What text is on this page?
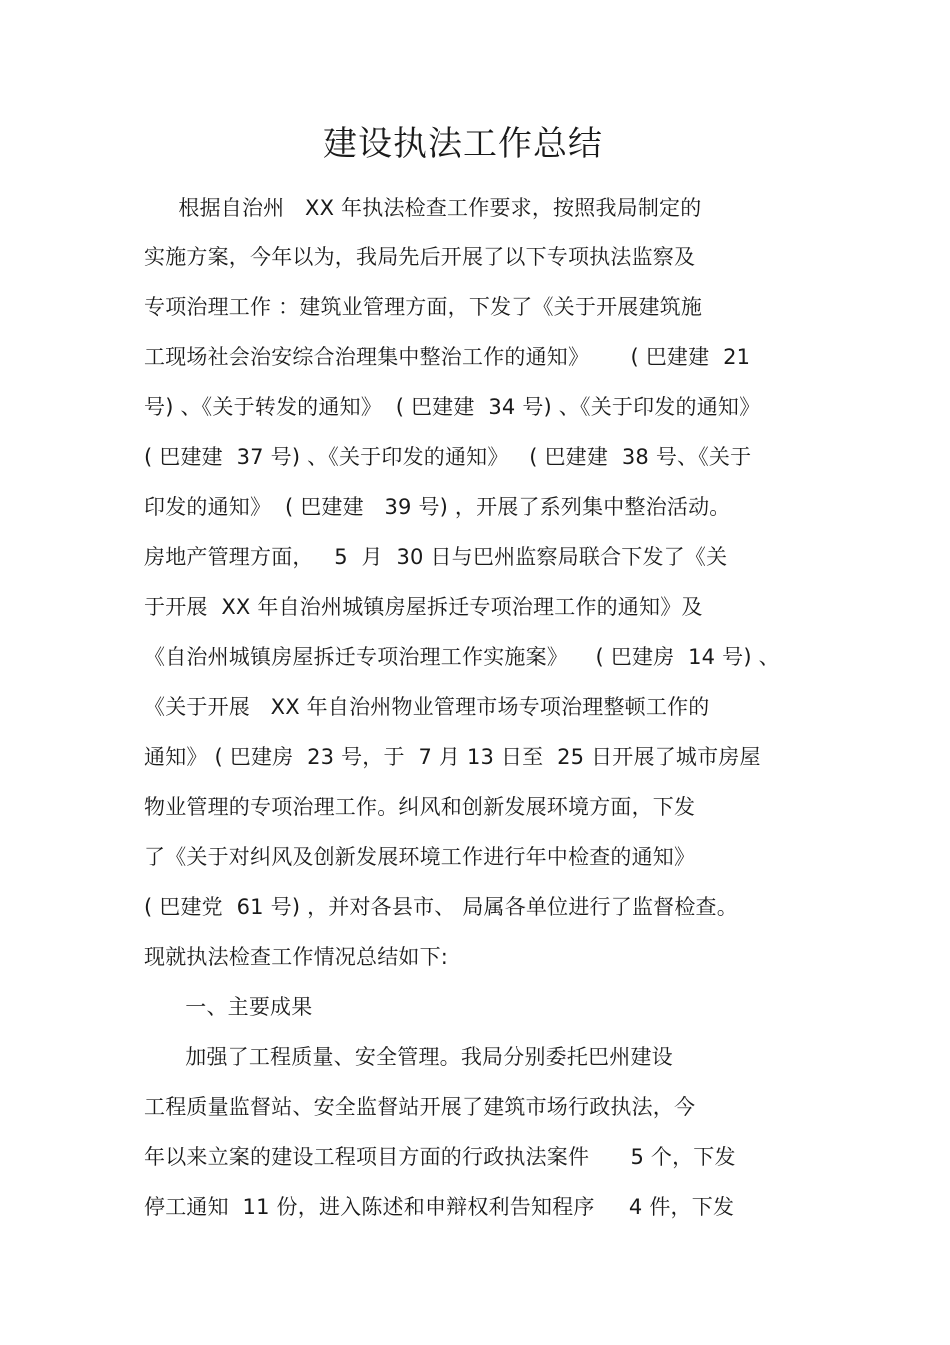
建设执法工作总结
根据自治州   XX 年执法检查工作要求，按照我局制定的
实施方案，今年以为，我局先后开展了以下专项执法监察及
专项治理工作 ：建筑业管理方面，下发了《关于开展建筑施
工现场社会治安综合治理集中整治工作的通知》      ( 巴建建  21
号) 、《关于转发的通知》  ( 巴建建  34 号) 、《关于印发的通知》
( 巴建建  37 号) 、《关于印发的通知》   ( 巴建建  38 号、《关于
印发的通知》  ( 巴建建   39 号) ，开展了系列集中整治活动。
房地产管理方面，   5  月  30 日与巴州监察局联合下发了《关
于开展  XX 年自治州城镇房屋拆迁专项治理工作的通知》及
《自治州城镇房屋拆迁专项治理工作实施案》    ( 巴建房  14 号) 、
《关于开展   XX 年自治州物业管理市场专项治理整顿工作的
通知》 ( 巴建房  23 号，于  7 月 13 日至  25 日开展了城市房屋
物业管理的专项治理工作。纠风和创新发展环境方面，下发
了《关于对纠风及创新发展环境工作进行年中检查的通知》
( 巴建党  61 号) ，并对各县市、 局属各单位进行了监督检查。
现就执法检查工作情况总结如下:
一、主要成果
加强了工程质量、安全管理。我局分别委托巴州建设
工程质量监督站、安全监督站开展了建筑市场行政执法，今
年以来立案的建设工程项目方面的行政执法案件      5 个，下发
停工通知  11 份，进入陈述和申辩权利告知程序     4 件，下发
